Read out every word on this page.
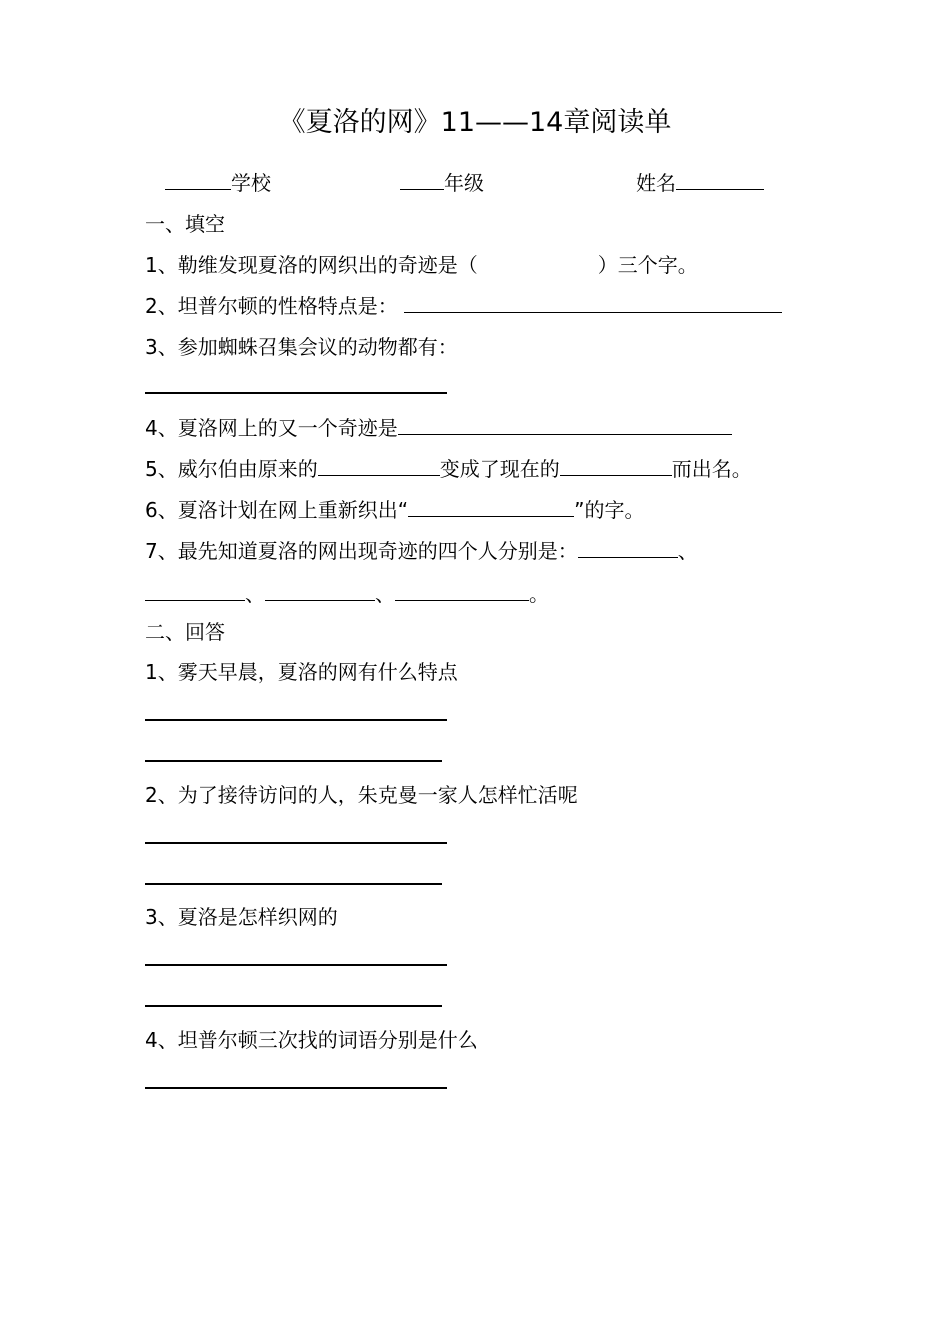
《夏洛的网》11——14章阅读单
学校	年级	姓名
一、填空
1、勒维发现夏洛的网织出的奇迹是（	）三个字。
2、坦普尔顿的性格特点是：
3、参加蜘蛛召集会议的动物都有：
4、夏洛网上的又一个奇迹是
5、威尔伯由原来的	变成了现在的	而出名。
6、夏洛计划在网上重新织出“	”的字。
7、最先知道夏洛的网出现奇迹的四个人分别是：	、
、	、	。
二、回答
1、雾天早晨，夏洛的网有什么特点
2、为了接待访问的人，朱克曼一家人怎样忙活呢
3、夏洛是怎样织网的
4、坦普尔顿三次找的词语分别是什么
